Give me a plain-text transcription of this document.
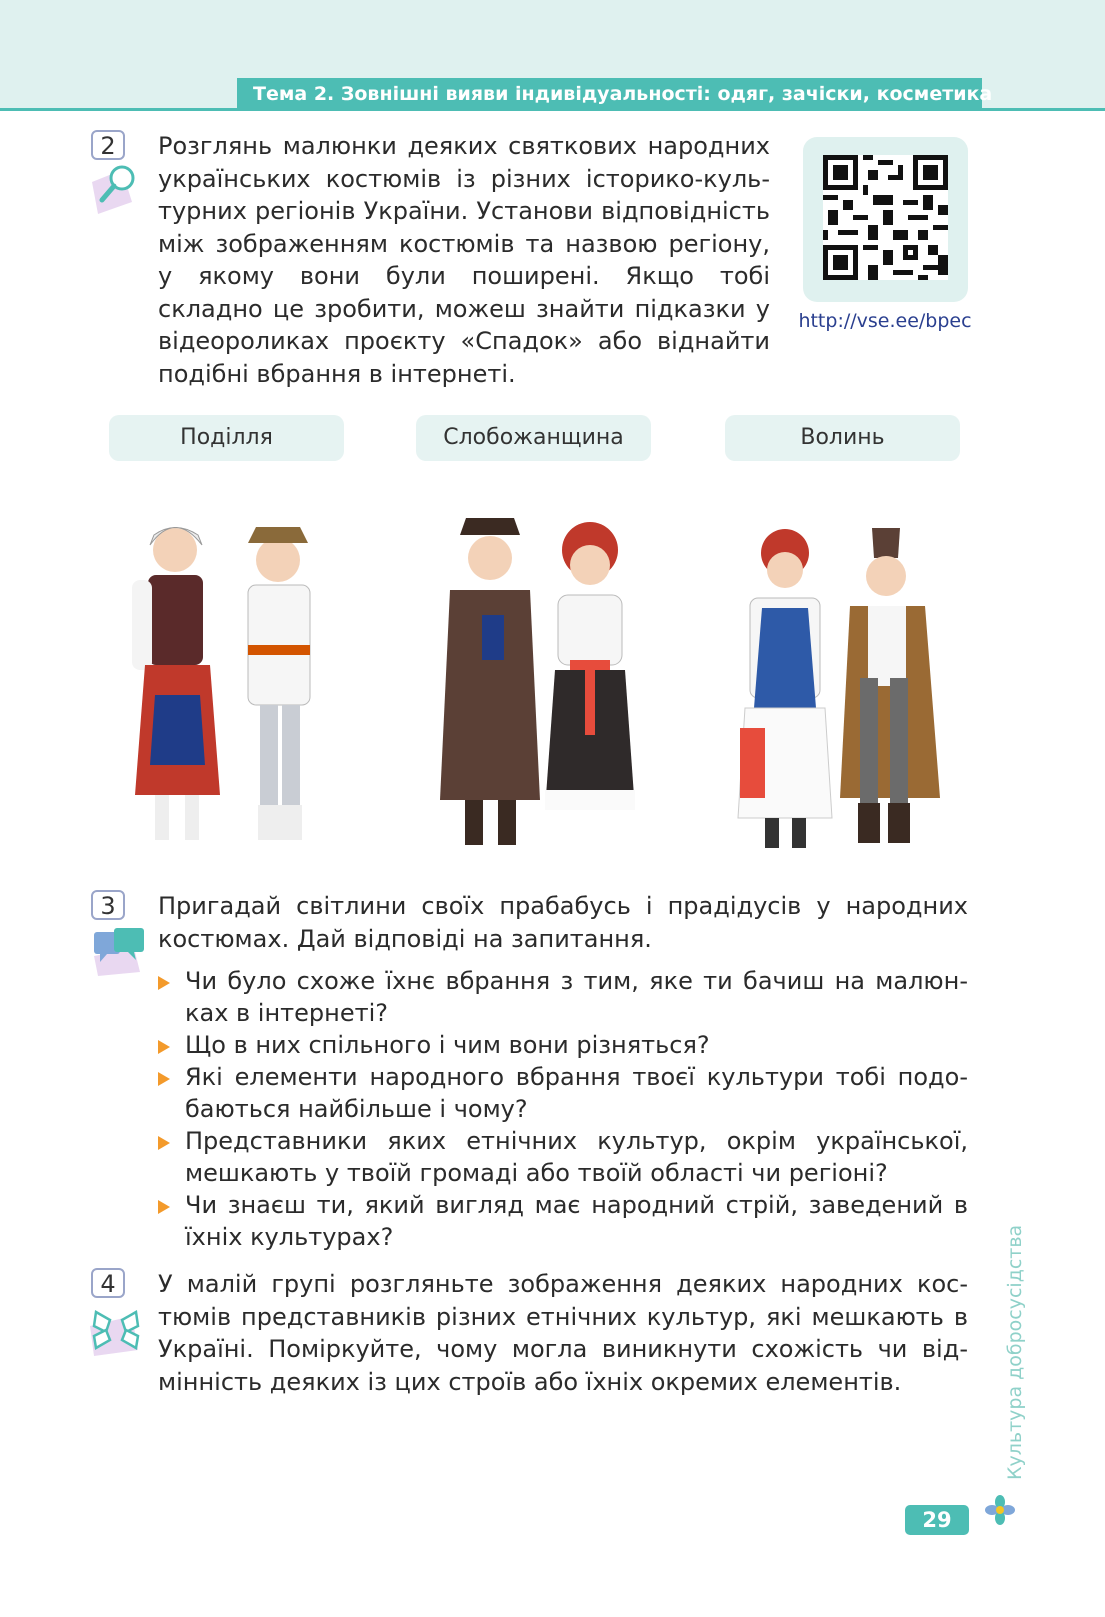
Тема 2. Зовнішні вияви індивідуальності: одяг, зачіски, косметика
2	Розглянь малюнки деяких святкових народних українських костюмів із різних історико-культурних регіонів України. Установи відповідність між зображенням костюмів та назвою регіону, у якому вони були поширені. Якщо тобі складно це зробити, можеш знайти підказки у відеороликах проєкту «Спадок» або віднайти подібні вбрання в інтернеті.

http://vse.ee/bpec
Поділля	Слобожанщина	Волинь
3	Пригадай світлини своїх прабабусь і прадідусів у народних костюмах. Дай відповіді на запитання.

Чи було схоже їхнє вбрання з тим, яке ти бачиш на малюнках в інтернеті?
Що в них спільного і чим вони різняться?
Які елементи народного вбрання твоєї культури тобі подобаються найбільше і чому?
Представники яких етнічних культур, окрім української, мешкають у твоїй громаді або твоїй області чи регіоні?
Чи знаєш ти, який вигляд має народний стрій, заведений в їхніх культурах?
4	У малій групі розгляньте зображення деяких народних костюмів представників різних етнічних культур, які мешкають в Україні. Поміркуйте, чому могла виникнути схожість чи відмінність деяких із цих строїв або їхніх окремих елементів.	Культура добросусідства
29
